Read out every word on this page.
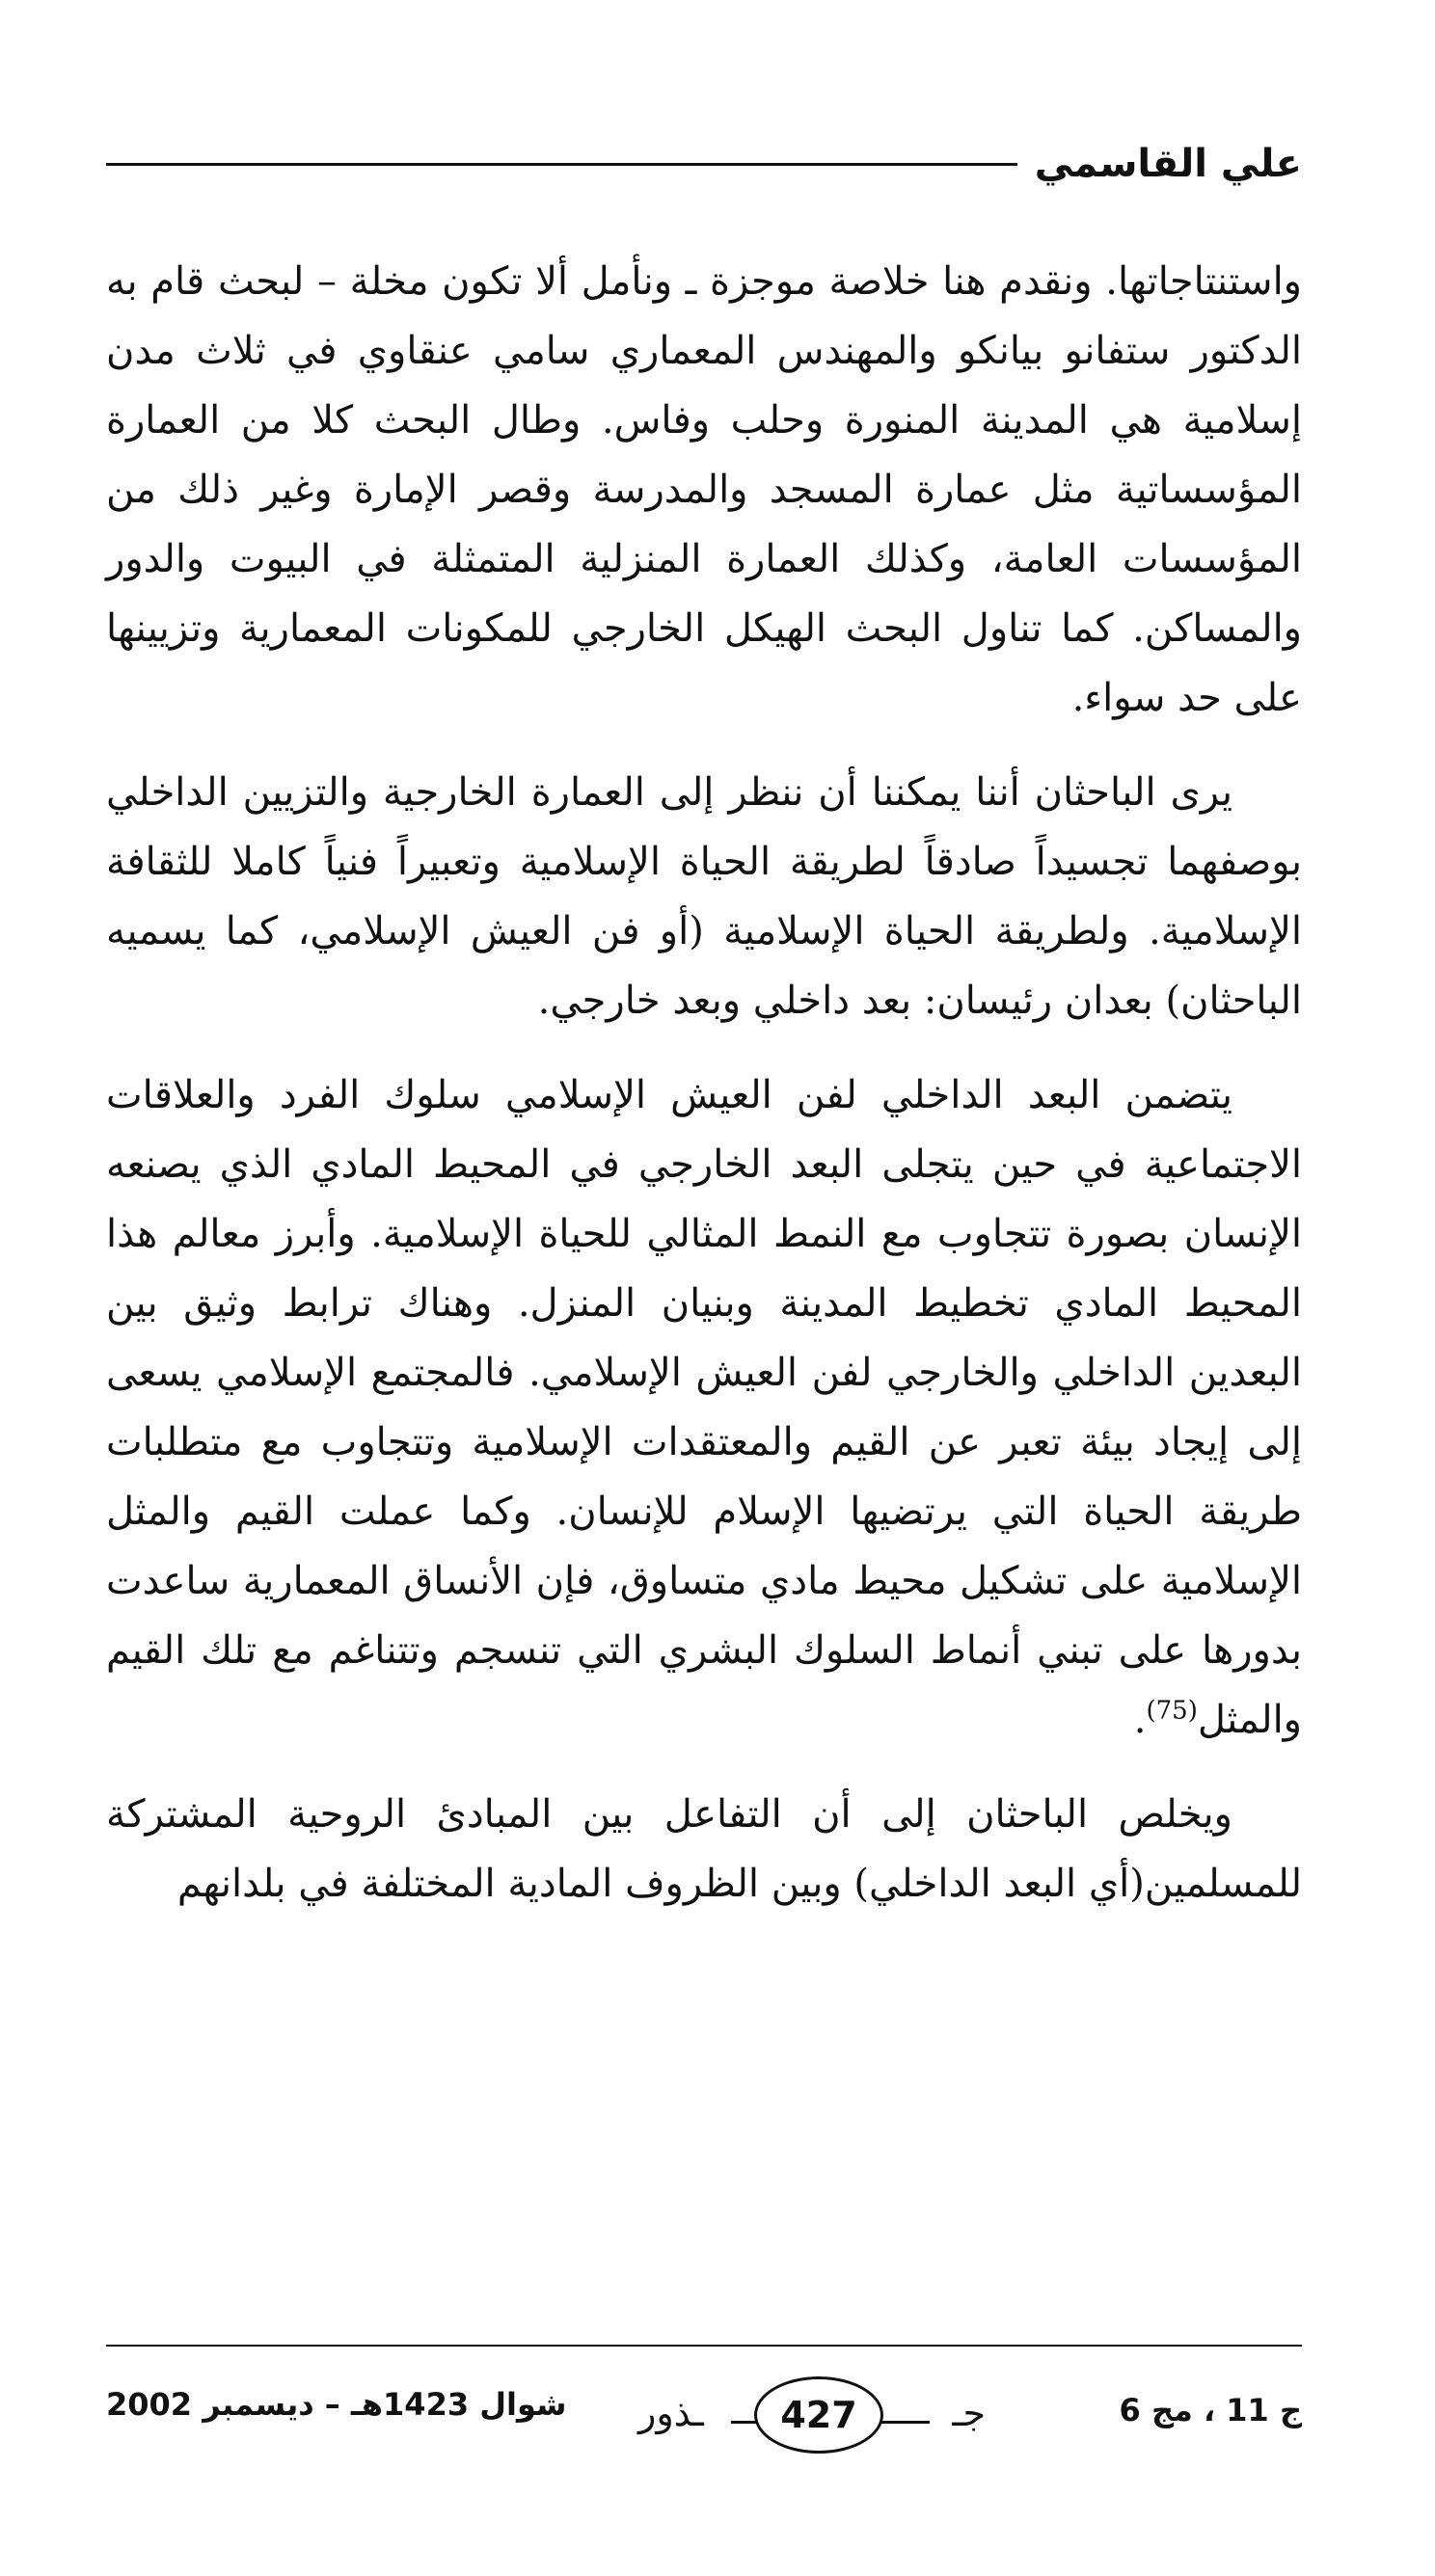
علي القاسمي

واستنتاجاتها. ونقدم هنا خلاصة موجزة ـ ونأمل ألا تكون مخلة – لبحث قام به الدكتور ستفانو بيانكو والمهندس المعماري سامي عنقاوي في ثلاث مدن إسلامية هي المدينة المنورة وحلب وفاس. وطال البحث كلا من العمارة المؤسساتية مثل عمارة المسجد والمدرسة وقصر الإمارة وغير ذلك من المؤسسات العامة، وكذلك العمارة المنزلية المتمثلة في البيوت والدور والمساكن. كما تناول البحث الهيكل الخارجي للمكونات المعمارية وتزيينها على حد سواء.

يرى الباحثان أننا يمكننا أن ننظر إلى العمارة الخارجية والتزيين الداخلي بوصفهما تجسيداً صادقاً لطريقة الحياة الإسلامية وتعبيراً فنياً كاملا للثقافة الإسلامية. ولطريقة الحياة الإسلامية (أو فن العيش الإسلامي، كما يسميه الباحثان) بعدان رئيسان: بعد داخلي وبعد خارجي.

يتضمن البعد الداخلي لفن العيش الإسلامي سلوك الفرد والعلاقات الاجتماعية في حين يتجلى البعد الخارجي في المحيط المادي الذي يصنعه الإنسان بصورة تتجاوب مع النمط المثالي للحياة الإسلامية. وأبرز معالم هذا المحيط المادي تخطيط المدينة وبنيان المنزل. وهناك ترابط وثيق بين البعدين الداخلي والخارجي لفن العيش الإسلامي. فالمجتمع الإسلامي يسعى إلى إيجاد بيئة تعبر عن القيم والمعتقدات الإسلامية وتتجاوب مع متطلبات طريقة الحياة التي يرتضيها الإسلام للإنسان. وكما عملت القيم والمثل الإسلامية على تشكيل محيط مادي متساوق، فإن الأنساق المعمارية ساعدت بدورها على تبني أنماط السلوك البشري التي تنسجم وتتناغم مع تلك القيم والمثل$^{(75)}$.

ويخلص الباحثان إلى أن التفاعل بين المبادئ الروحية المشتركة للمسلمين(أي البعد الداخلي) وبين الظروف المادية المختلفة في بلدانهم

ج 11 ، مج 6
جـ
427
ـذور
شوال 1423هـ – ديسمبر 2002
